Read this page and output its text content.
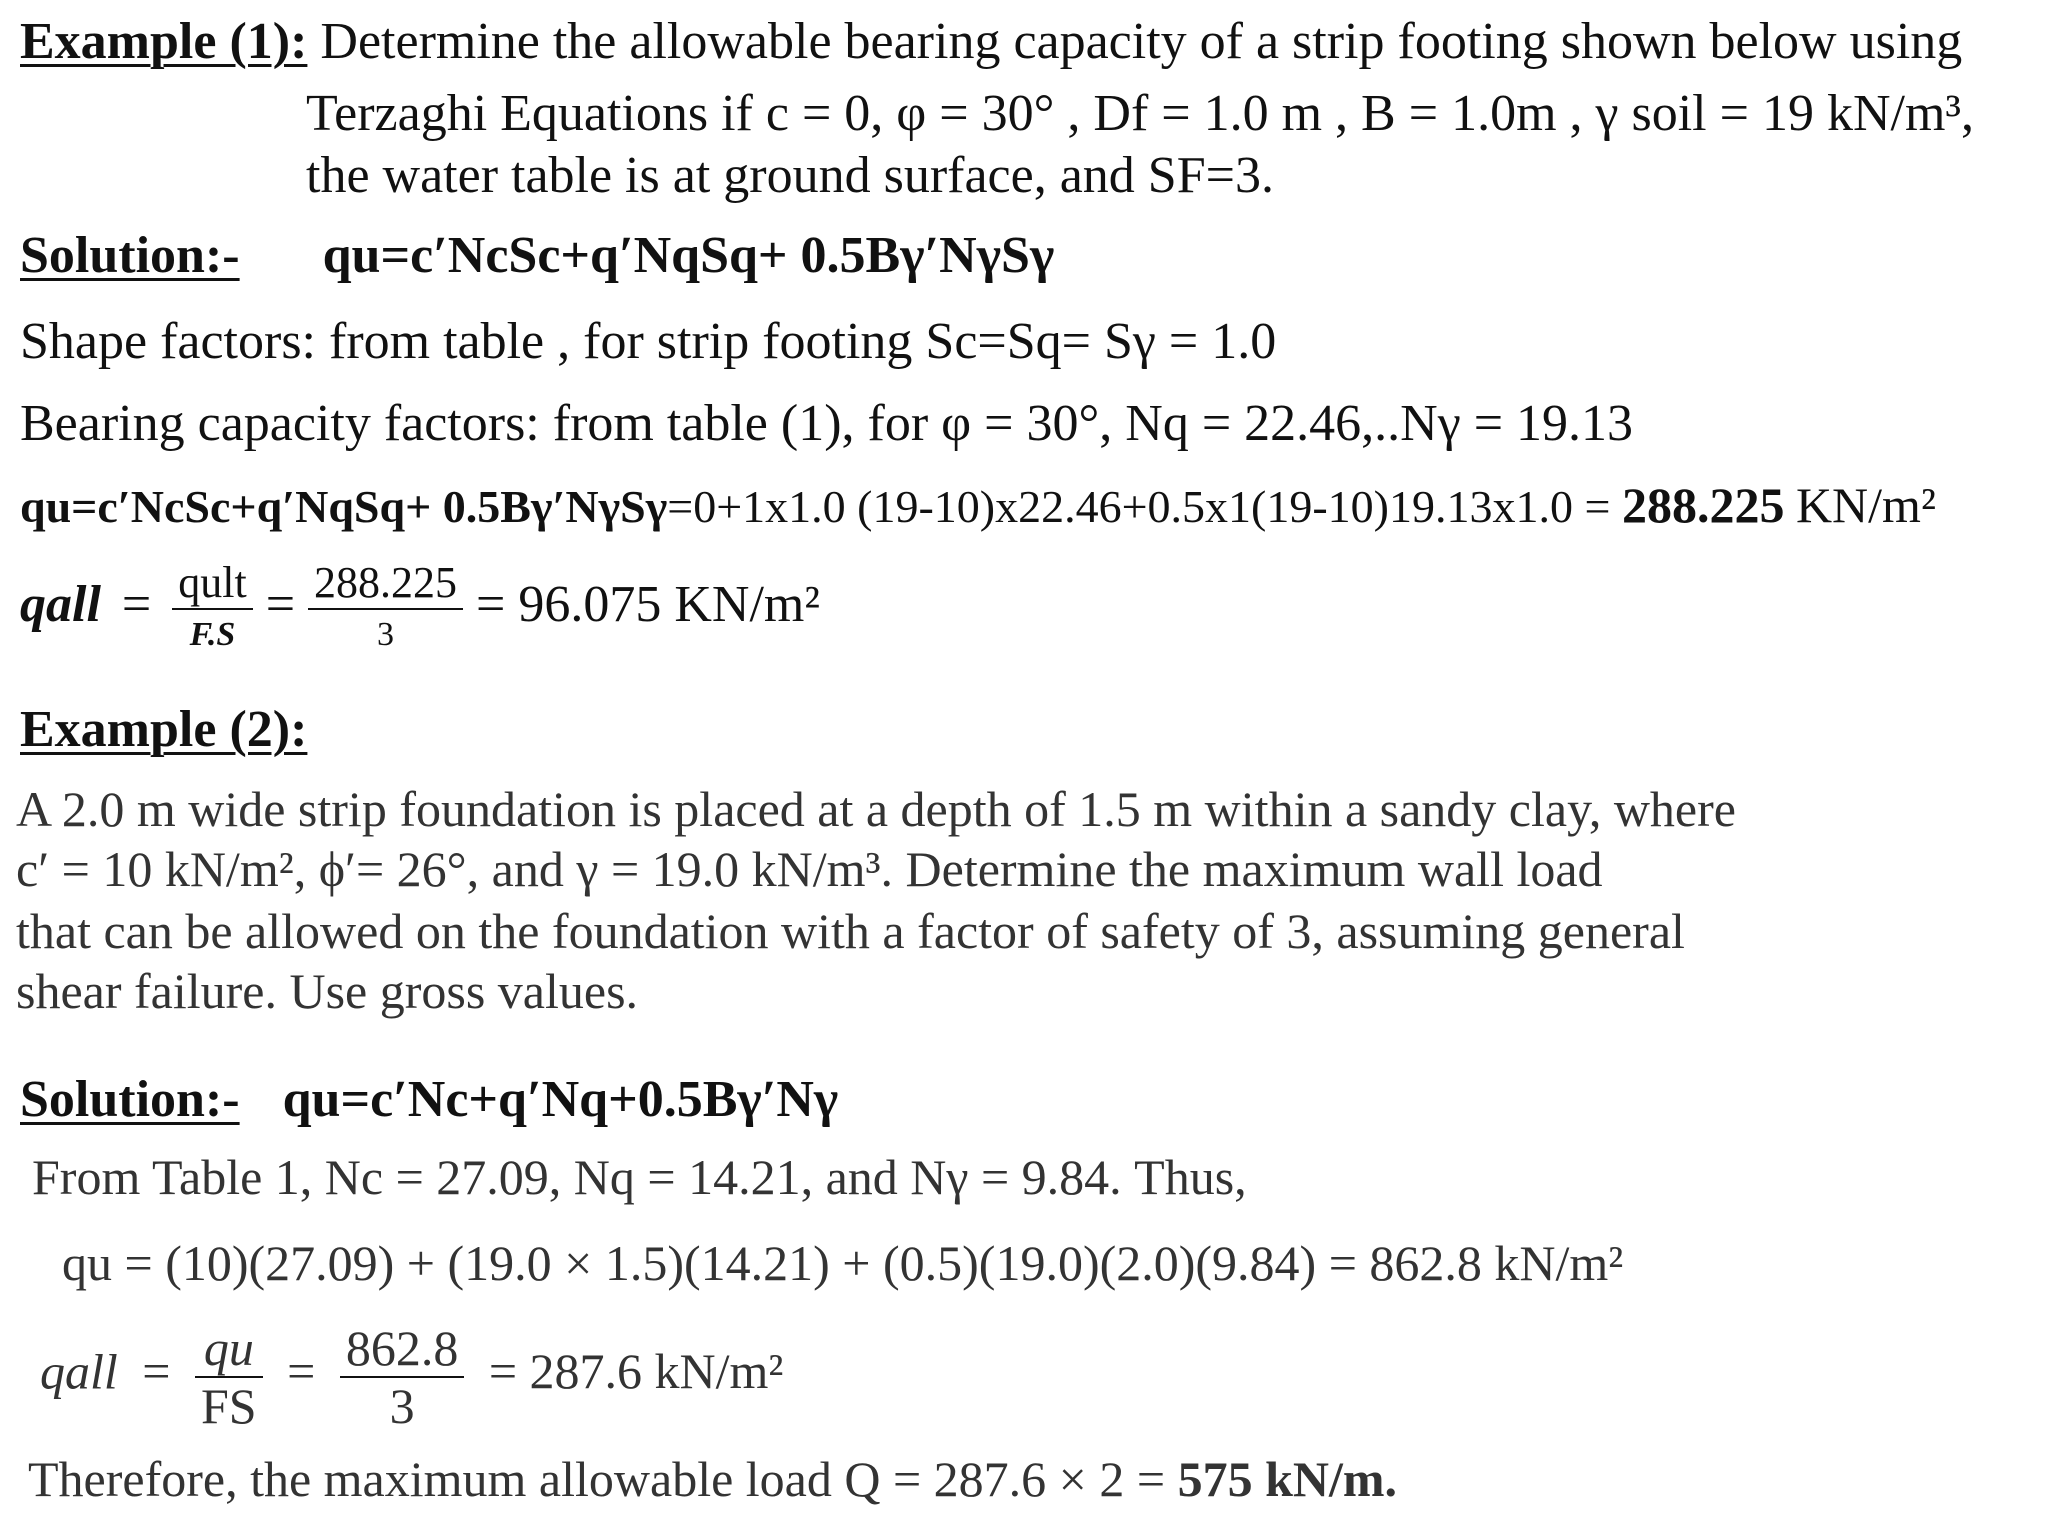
Example (1): Determine the allowable bearing capacity of a strip footing shown below using
Terzaghi Equations if c = 0, φ = 30° , Df = 1.0 m , B = 1.0m , γ soil = 19 kN/m³,
the water table is at ground surface, and SF=3.
Solution:- qu=c′NcSc+q′NqSq+ 0.5Bγ′NγSγ
Shape factors: from table , for strip footing Sc=Sq= Sγ = 1.0
Bearing capacity factors: from table (1), for φ = 30°, Nq = 22.46,..Nγ = 19.13
qu=c′NcSc+q′NqSq+ 0.5Bγ′NγSγ=0+1x1.0 (19-10)x22.46+0.5x1(19-10)19.13x1.0 = 288.225 KN/m²
qall = $\frac{\text{qult}}{F.S} = \frac{288.225}{3} = 96.075$ KN/m²
Example (2):
A 2.0 m wide strip foundation is placed at a depth of 1.5 m within a sandy clay, where
c′ = 10 kN/m², ϕ′= 26°, and γ = 19.0 kN/m³. Determine the maximum wall load
that can be allowed on the foundation with a factor of safety of 3, assuming general
shear failure. Use gross values.
Solution:- qu=c′Nc+q′Nq+0.5Bγ′Nγ
From Table 1, Nc = 27.09, Nq = 14.21, and Nγ = 9.84. Thus,
qu = (10)(27.09) + (19.0 × 1.5)(14.21) + (0.5)(19.0)(2.0)(9.84) = 862.8 kN/m²
qall = $\frac{qu}{FS} = \frac{862.8}{3} = 287.6$ kN/m²
Therefore, the maximum allowable load Q = 287.6 × 2 = 575 kN/m.
